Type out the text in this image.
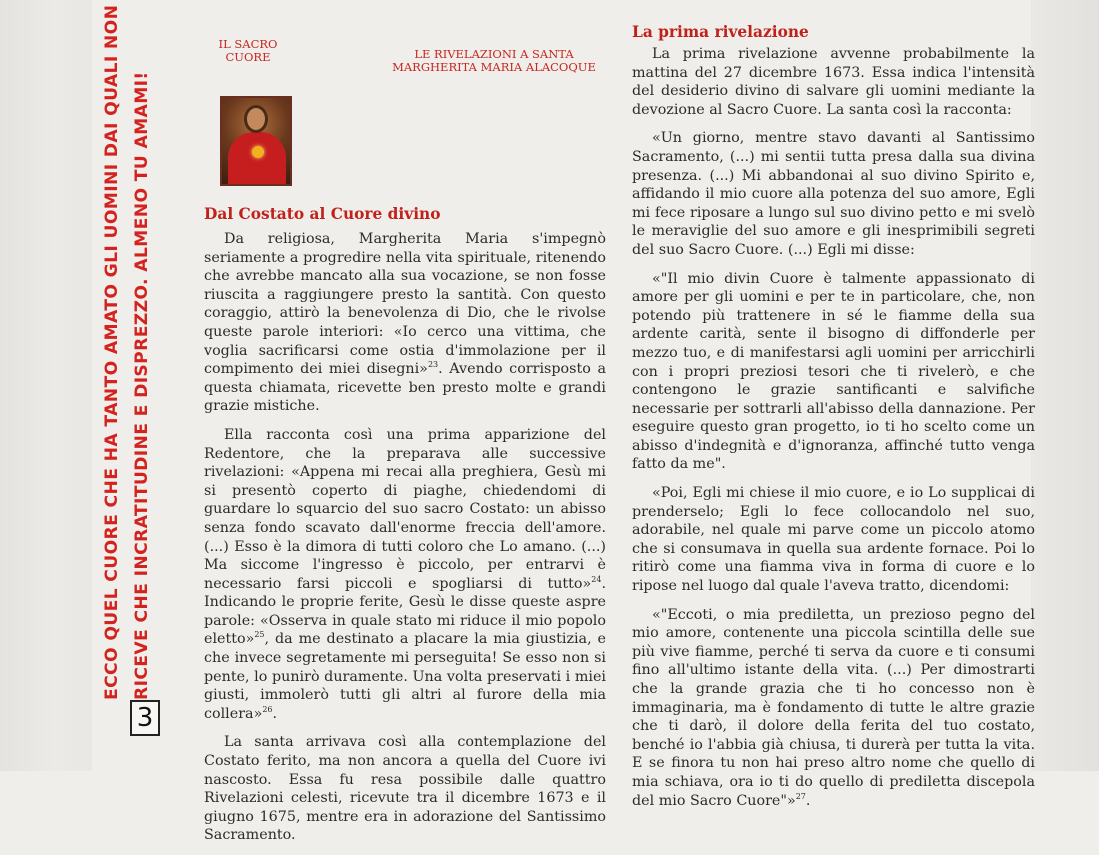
ECCO QUEL CUORE CHE HA TANTO AMATO GLI UOMINI DAI QUALI NON RICEVE CHE INCRATITUDINE E DISPREZZO. ALMENO TU AMAMI!
3
IL SACRO CUORE	LE RIVELAZIONI A SANTA MARGHERITA MARIA ALACOQUE
Dal Costato al Cuore divino

Da religiosa, Margherita Maria s'impegnò seriamente a progredire nella vita spirituale, ritenendo che avrebbe mancato alla sua vocazione, se non fosse riuscita a raggiungere presto la santità. Con questo coraggio, attirò la benevolenza di Dio, che le rivolse queste parole interiori: «Io cerco una vittima, che voglia sacrificarsi come ostia d'immolazione per il compimento dei miei disegni»$^{23}$. Avendo corrisposto a questa chiamata, ricevette ben presto molte e grandi grazie mistiche.

Ella racconta così una prima apparizione del Redentore, che la preparava alle successive rivelazioni: «Appena mi recai alla preghiera, Gesù mi si presentò coperto di piaghe, chiedendomi di guardare lo squarcio del suo sacro Costato: un abisso senza fondo scavato dall'enorme freccia dell'amore. (...) Esso è la dimora di tutti coloro che Lo amano. (...) Ma siccome l'ingresso è piccolo, per entrarvi è necessario farsi piccoli e spogliarsi di tutto»$^{24}$. Indicando le proprie ferite, Gesù le disse queste aspre parole: «Osserva in quale stato mi riduce il mio popolo eletto»$^{25}$, da me destinato a placare la mia giustizia, e che invece segretamente mi perseguita! Se esso non si pente, lo punirò duramente. Una volta preservati i miei giusti, immolerò tutti gli altri al furore della mia collera»$^{26}$.

La santa arrivava così alla contemplazione del Costato ferito, ma non ancora a quella del Cuore ivi nascosto. Essa fu resa possibile dalle quattro Rivelazioni celesti, ricevute tra il dicembre 1673 e il giugno 1675, mentre era in adorazione del Santissimo Sacramento.

La prima rivelazione

La prima rivelazione avvenne probabilmente la mattina del 27 dicembre 1673. Essa indica l'intensità del desiderio divino di salvare gli uomini mediante la devozione al Sacro Cuore. La santa così la racconta:

«Un giorno, mentre stavo davanti al Santissimo Sacramento, (...) mi sentii tutta presa dalla sua divina presenza. (...) Mi abbandonai al suo divino Spirito e, affidando il mio cuore alla potenza del suo amore, Egli mi fece riposare a lungo sul suo divino petto e mi svelò le meraviglie del suo amore e gli inesprimibili segreti del suo Sacro Cuore. (...) Egli mi disse:

«"Il mio divin Cuore è talmente appassionato di amore per gli uomini e per te in particolare, che, non potendo più trattenere in sé le fiamme della sua ardente carità, sente il bisogno di diffonderle per mezzo tuo, e di manifestarsi agli uomini per arricchirli con i propri preziosi tesori che ti rivelerò, e che contengono le grazie santificanti e salvifiche necessarie per sottrarli all'abisso della dannazione. Per eseguire questo gran progetto, io ti ho scelto come un abisso d'indegnità e d'ignoranza, affinché tutto venga fatto da me".

«Poi, Egli mi chiese il mio cuore, e io Lo supplicai di prenderselo; Egli lo fece collocandolo nel suo, adorabile, nel quale mi parve come un piccolo atomo che si consumava in quella sua ardente fornace. Poi lo ritirò come una fiamma viva in forma di cuore e lo ripose nel luogo dal quale l'aveva tratto, dicendomi:

«"Eccoti, o mia prediletta, un prezioso pegno del mio amore, contenente una piccola scintilla delle sue più vive fiamme, perché ti serva da cuore e ti consumi fino all'ultimo istante della vita. (...) Per dimostrarti che la grande grazia che ti ho concesso non è immaginaria, ma è fondamento di tutte le altre grazie che ti darò, il dolore della ferita del tuo costato, benché io l'abbia già chiusa, ti durerà per tutta la vita. E se finora tu non hai preso altro nome che quello di mia schiava, ora io ti do quello di prediletta discepola del mio Sacro Cuore"»$^{27}$.
